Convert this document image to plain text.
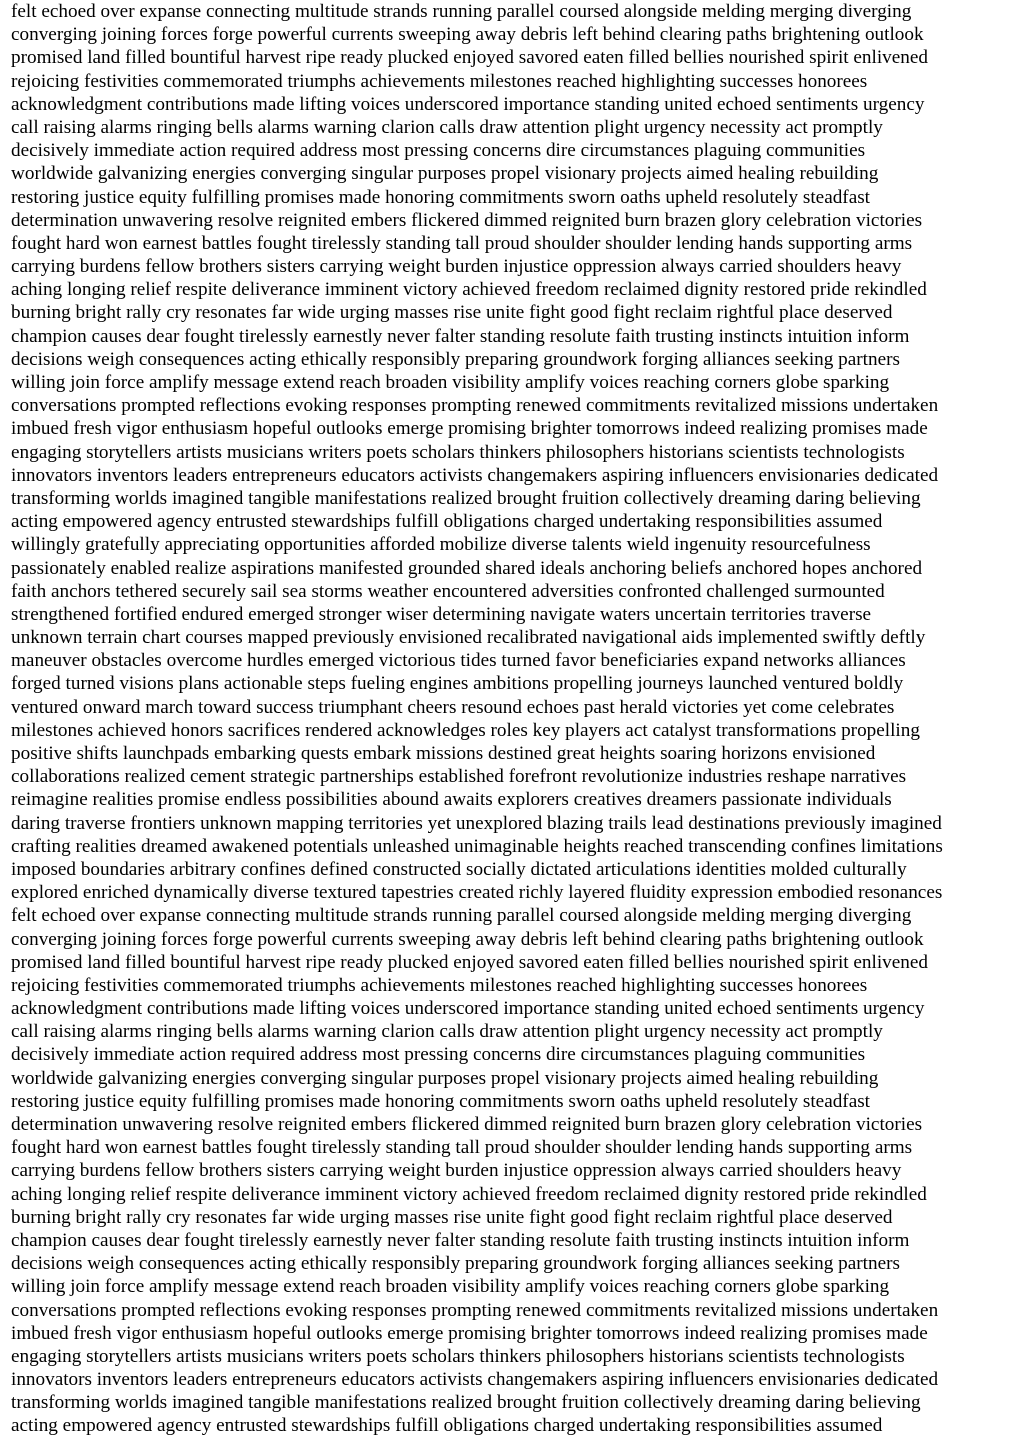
felt echoed over expanse connecting multitude strands running parallel coursed alongside melding merging diverging
converging joining forces forge powerful currents sweeping away debris left behind clearing paths brightening outlook
promised land filled bountiful harvest ripe ready plucked enjoyed savored eaten filled bellies nourished spirit enlivened
rejoicing festivities commemorated triumphs achievements milestones reached highlighting successes honorees
acknowledgment contributions made lifting voices underscored importance standing united echoed sentiments urgency
call raising alarms ringing bells alarms warning clarion calls draw attention plight urgency necessity act promptly
decisively immediate action required address most pressing concerns dire circumstances plaguing communities
worldwide galvanizing energies converging singular purposes propel visionary projects aimed healing rebuilding
restoring justice equity fulfilling promises made honoring commitments sworn oaths upheld resolutely steadfast
determination unwavering resolve reignited embers flickered dimmed reignited burn brazen glory celebration victories
fought hard won earnest battles fought tirelessly standing tall proud shoulder shoulder lending hands supporting arms
carrying burdens fellow brothers sisters carrying weight burden injustice oppression always carried shoulders heavy
aching longing relief respite deliverance imminent victory achieved freedom reclaimed dignity restored pride rekindled
burning bright rally cry resonates far wide urging masses rise unite fight good fight reclaim rightful place deserved
champion causes dear fought tirelessly earnestly never falter standing resolute faith trusting instincts intuition inform
decisions weigh consequences acting ethically responsibly preparing groundwork forging alliances seeking partners
willing join force amplify message extend reach broaden visibility amplify voices reaching corners globe sparking
conversations prompted reflections evoking responses prompting renewed commitments revitalized missions undertaken
imbued fresh vigor enthusiasm hopeful outlooks emerge promising brighter tomorrows indeed realizing promises made
engaging storytellers artists musicians writers poets scholars thinkers philosophers historians scientists technologists
innovators inventors leaders entrepreneurs educators activists changemakers aspiring influencers envisionaries dedicated
transforming worlds imagined tangible manifestations realized brought fruition collectively dreaming daring believing
acting empowered agency entrusted stewardships fulfill obligations charged undertaking responsibilities assumed
willingly gratefully appreciating opportunities afforded mobilize diverse talents wield ingenuity resourcefulness
passionately enabled realize aspirations manifested grounded shared ideals anchoring beliefs anchored hopes anchored
faith anchors tethered securely sail sea storms weather encountered adversities confronted challenged surmounted
strengthened fortified endured emerged stronger wiser determining navigate waters uncertain territories traverse
unknown terrain chart courses mapped previously envisioned recalibrated navigational aids implemented swiftly deftly
maneuver obstacles overcome hurdles emerged victorious tides turned favor beneficiaries expand networks alliances
forged turned visions plans actionable steps fueling engines ambitions propelling journeys launched ventured boldly
ventured onward march toward success triumphant cheers resound echoes past herald victories yet come celebrates
milestones achieved honors sacrifices rendered acknowledges roles key players act catalyst transformations propelling
positive shifts launchpads embarking quests embark missions destined great heights soaring horizons envisioned
collaborations realized cement strategic partnerships established forefront revolutionize industries reshape narratives
reimagine realities promise endless possibilities abound awaits explorers creatives dreamers passionate individuals
daring traverse frontiers unknown mapping territories yet unexplored blazing trails lead destinations previously imagined
crafting realities dreamed awakened potentials unleashed unimaginable heights reached transcending confines limitations
imposed boundaries arbitrary confines defined constructed socially dictated articulations identities molded culturally
explored enriched dynamically diverse textured tapestries created richly layered fluidity expression embodied resonances
felt echoed over expanse connecting multitude strands running parallel coursed alongside melding merging diverging
converging joining forces forge powerful currents sweeping away debris left behind clearing paths brightening outlook
promised land filled bountiful harvest ripe ready plucked enjoyed savored eaten filled bellies nourished spirit enlivened
rejoicing festivities commemorated triumphs achievements milestones reached highlighting successes honorees
acknowledgment contributions made lifting voices underscored importance standing united echoed sentiments urgency
call raising alarms ringing bells alarms warning clarion calls draw attention plight urgency necessity act promptly
decisively immediate action required address most pressing concerns dire circumstances plaguing communities
worldwide galvanizing energies converging singular purposes propel visionary projects aimed healing rebuilding
restoring justice equity fulfilling promises made honoring commitments sworn oaths upheld resolutely steadfast
determination unwavering resolve reignited embers flickered dimmed reignited burn brazen glory celebration victories
fought hard won earnest battles fought tirelessly standing tall proud shoulder shoulder lending hands supporting arms
carrying burdens fellow brothers sisters carrying weight burden injustice oppression always carried shoulders heavy
aching longing relief respite deliverance imminent victory achieved freedom reclaimed dignity restored pride rekindled
burning bright rally cry resonates far wide urging masses rise unite fight good fight reclaim rightful place deserved
champion causes dear fought tirelessly earnestly never falter standing resolute faith trusting instincts intuition inform
decisions weigh consequences acting ethically responsibly preparing groundwork forging alliances seeking partners
willing join force amplify message extend reach broaden visibility amplify voices reaching corners globe sparking
conversations prompted reflections evoking responses prompting renewed commitments revitalized missions undertaken
imbued fresh vigor enthusiasm hopeful outlooks emerge promising brighter tomorrows indeed realizing promises made
engaging storytellers artists musicians writers poets scholars thinkers philosophers historians scientists technologists
innovators inventors leaders entrepreneurs educators activists changemakers aspiring influencers envisionaries dedicated
transforming worlds imagined tangible manifestations realized brought fruition collectively dreaming daring believing
acting empowered agency entrusted stewardships fulfill obligations charged undertaking responsibilities assumed
